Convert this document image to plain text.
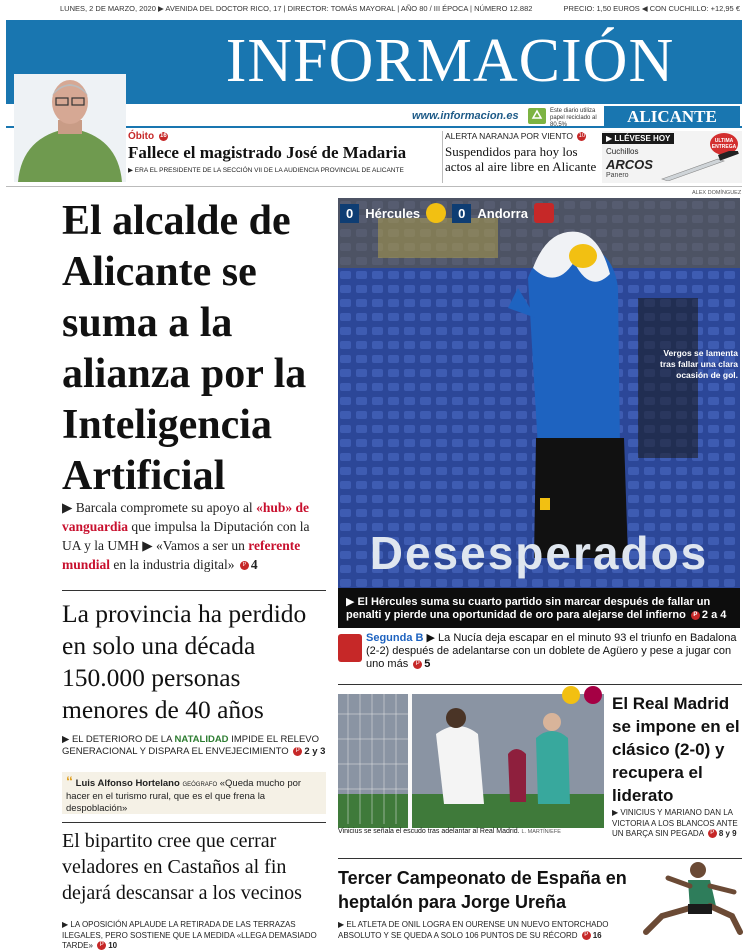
LUNES, 2 DE MARZO, 2020 ▶ AVENIDA DEL DOCTOR RICO, 17 | DIRECTOR: TOMÁS MAYORAL | AÑO 80 / III ÉPOCA | NÚMERO 12.882	PRECIO: 1,50 EUROS ◀ CON CUCHILLO: +12,95 €
INFORMACIÓN
www.informacion.es	Este diario utiliza papel reciclado al 80,5%	ALICANTE
Óbito 16
Fallece el magistrado José de Madaria
▶ ERA EL PRESIDENTE DE LA SECCIÓN VII DE LA AUDIENCIA PROVINCIAL DE ALICANTE
ALERTA NARANJA POR VIENTO 10
Suspendidos para hoy los actos al aire libre en Alicante
▶ LLÉVESE HOY
Cuchillos
ARCOS
Panero
ULTIMA ENTREGA
El alcalde de Alicante se suma a la alianza por la Inteligencia Artificial
▶ Barcala compromete su apoyo al «hub» de vanguardia que impulsa la Diputación con la UA y la UMH ▶ «Vamos a ser un referente mundial en la industria digital» P 4
La provincia ha perdido en solo una década 150.000 personas menores de 40 años
▶ EL DETERIORO DE LA NATALIDAD IMPIDE EL RELEVO GENERACIONAL Y DISPARA EL ENVEJECIMIENTO P 2 y 3
“ Luis Alfonso Hortelano GEÓGRAFO «Queda mucho por hacer en el turismo rural, que es el que frena la despoblación»
El bipartito cree que cerrar veladores en Castaños al fin dejará descansar a los vecinos
▶ LA OPOSICIÓN APLAUDE LA RETIRADA DE LAS TERRAZAS ILEGALES, PERO SOSTIENE QUE LA MEDIDA «LLEGA DEMASIADO TARDE» P 10
ALEX DOMÍNGUEZ
0 Hércules	0 Andorra
Vergos se lamenta tras fallar una clara ocasión de gol.
Desesperados
▶ El Hércules suma su cuarto partido sin marcar después de fallar un penalti y pierde una oportunidad de oro para alejarse del infierno P 2 a 4
Segunda B ▶ La Nucía deja escapar en el minuto 93 el triunfo en Badalona (2-2) después de adelantarse con un doblete de Agüero y pese a jugar con uno más P 5
Vinicius se señala el escudo tras adelantar al Real Madrid. L. MARTÍN/EFE
El Real Madrid se impone en el clásico (2-0) y recupera el liderato
▶ VINICIUS Y MARIANO DAN LA VICTORIA A LOS BLANCOS ANTE UN BARÇA SIN PEGADA P 8 y 9
Tercer Campeonato de España en heptalón para Jorge Ureña
▶ EL ATLETA DE ONIL LOGRA EN OURENSE UN NUEVO ENTORCHADO ABSOLUTO Y SE QUEDA A SOLO 106 PUNTOS DE SU RÉCORD P 16
